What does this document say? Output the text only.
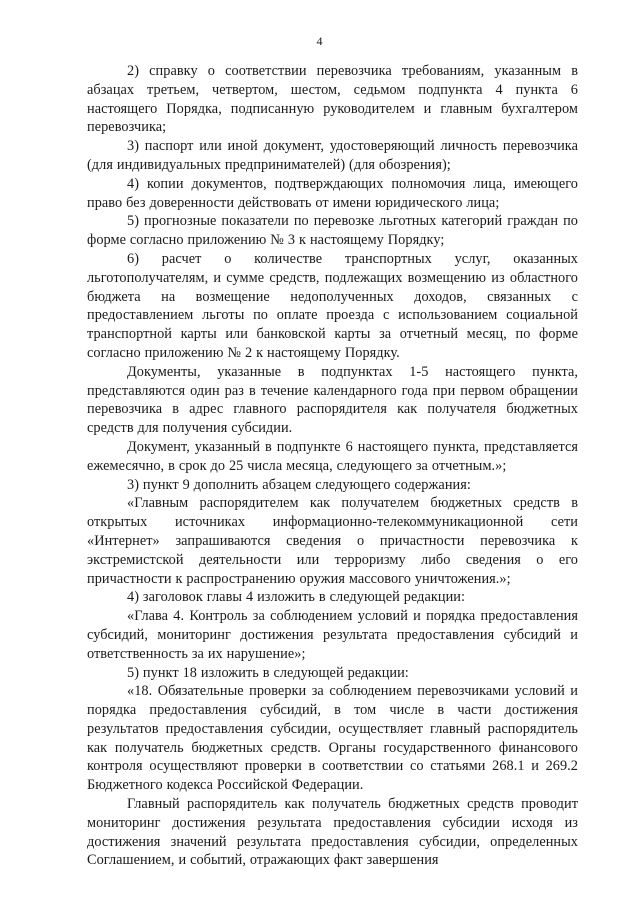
4

2) справку о соответствии перевозчика требованиям, указанным в абзацах третьем, четвертом, шестом, седьмом подпункта 4 пункта 6 настоящего Порядка, подписанную руководителем и главным бухгалтером перевозчика;

3) паспорт или иной документ, удостоверяющий личность перевозчика (для индивидуальных предпринимателей) (для обозрения);

4) копии документов, подтверждающих полномочия лица, имеющего право без доверенности действовать от имени юридического лица;

5) прогнозные показатели по перевозке льготных категорий граждан по форме согласно приложению № 3 к настоящему Порядку;

6) расчет о количестве транспортных услуг, оказанных льготополучателям, и сумме средств, подлежащих возмещению из областного бюджета на возмещение недополученных доходов, связанных с предоставлением льготы по оплате проезда с использованием социальной транспортной карты или банковской карты за отчетный месяц, по форме согласно приложению № 2 к настоящему Порядку.

Документы, указанные в подпунктах 1-5 настоящего пункта, представляются один раз в течение календарного года при первом обращении перевозчика в адрес главного распорядителя как получателя бюджетных средств для получения субсидии.

Документ, указанный в подпункте 6 настоящего пункта, представляется ежемесячно, в срок до 25 числа месяца, следующего за отчетным.»;

3) пункт 9 дополнить абзацем следующего содержания:

«Главным распорядителем как получателем бюджетных средств в открытых источниках информационно-телекоммуникационной сети «Интернет» запрашиваются сведения о причастности перевозчика к экстремистской деятельности или терроризму либо сведения о его причастности к распространению оружия массового уничтожения.»;

4) заголовок главы 4 изложить в следующей редакции:

«Глава 4. Контроль за соблюдением условий и порядка предоставления субсидий, мониторинг достижения результата предоставления субсидий и ответственность за их нарушение»;

5) пункт 18 изложить в следующей редакции:

«18. Обязательные проверки за соблюдением перевозчиками условий и порядка предоставления субсидий, в том числе в части достижения результатов предоставления субсидии, осуществляет главный распорядитель как получатель бюджетных средств. Органы государственного финансового контроля осуществляют проверки в соответствии со статьями 268.1 и 269.2 Бюджетного кодекса Российской Федерации.

Главный распорядитель как получатель бюджетных средств проводит мониторинг достижения результата предоставления субсидии исходя из достижения значений результата предоставления субсидии, определенных Соглашением, и событий, отражающих факт завершения
